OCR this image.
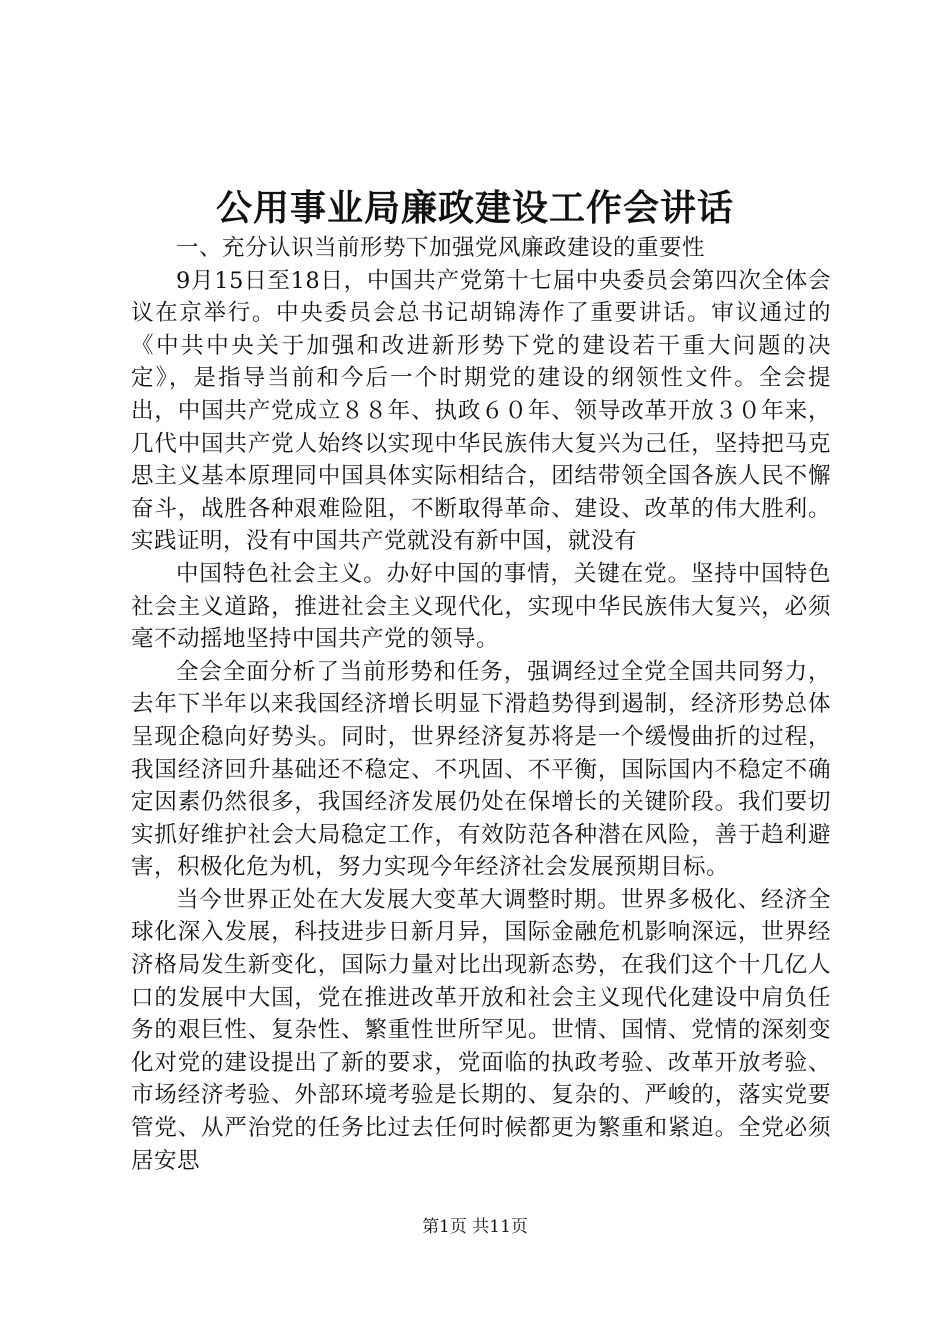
公用事业局廉政建设工作会讲话

一、充分认识当前形势下加强党风廉政建设的重要性

9月15日至18日，中国共产党第十七届中央委员会第四次全体会议在京举行。中央委员会总书记胡锦涛作了重要讲话。审议通过的《中共中央关于加强和改进新形势下党的建设若干重大问题的决定》，是指导当前和今后一个时期党的建设的纲领性文件。全会提出，中国共产党成立８８年、执政６０年、领导改革开放３０年来，几代中国共产党人始终以实现中华民族伟大复兴为己任，坚持把马克思主义基本原理同中国具体实际相结合，团结带领全国各族人民不懈奋斗，战胜各种艰难险阻，不断取得革命、建设、改革的伟大胜利。实践证明，没有中国共产党就没有新中国，就没有

中国特色社会主义。办好中国的事情，关键在党。坚持中国特色社会主义道路，推进社会主义现代化，实现中华民族伟大复兴，必须毫不动摇地坚持中国共产党的领导。

全会全面分析了当前形势和任务，强调经过全党全国共同努力，去年下半年以来我国经济增长明显下滑趋势得到遏制，经济形势总体呈现企稳向好势头。同时，世界经济复苏将是一个缓慢曲折的过程，我国经济回升基础还不稳定、不巩固、不平衡，国际国内不稳定不确定因素仍然很多，我国经济发展仍处在保增长的关键阶段。我们要切实抓好维护社会大局稳定工作，有效防范各种潜在风险，善于趋利避害，积极化危为机，努力实现今年经济社会发展预期目标。

当今世界正处在大发展大变革大调整时期。世界多极化、经济全球化深入发展，科技进步日新月异，国际金融危机影响深远，世界经济格局发生新变化，国际力量对比出现新态势，在我们这个十几亿人口的发展中大国，党在推进改革开放和社会主义现代化建设中肩负任务的艰巨性、复杂性、繁重性世所罕见。世情、国情、党情的深刻变化对党的建设提出了新的要求，党面临的执政考验、改革开放考验、市场经济考验、外部环境考验是长期的、复杂的、严峻的，落实党要管党、从严治党的任务比过去任何时候都更为繁重和紧迫。全党必须居安思

第1页 共11页
